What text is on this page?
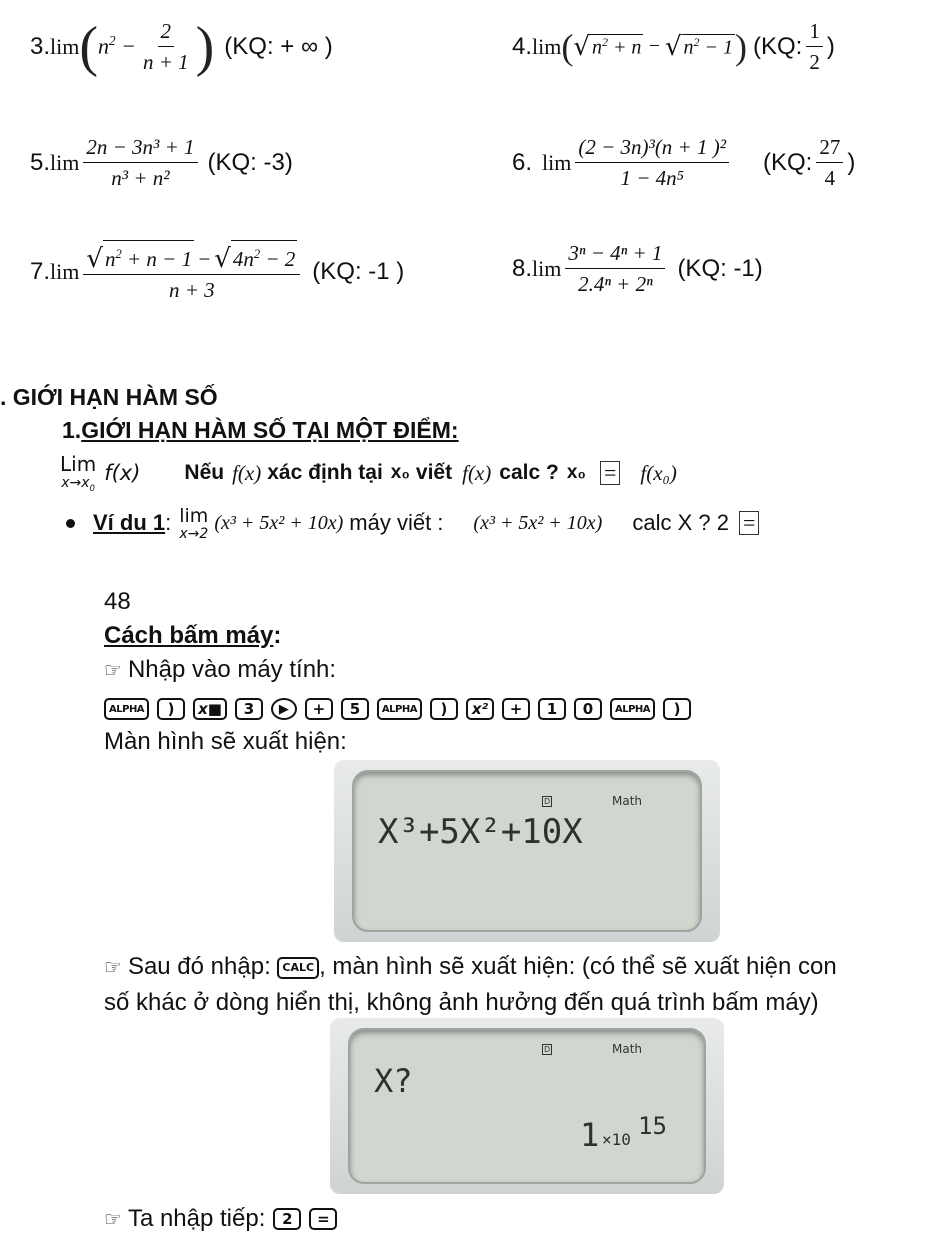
3. lim ( $n^2 - \frac{2}{n + 1}$ ) (KQ: + ∞ )	4. lim ( √ $n^2 + n$ − √ $n^2 - 1$ ) (KQ: $\frac{1}{2}$ )
5. $\lim \frac{\text{2n − 3n³ + 1}}{\text{n³ + n²}} (KQ$: -3)	6. $\lim \frac{\text{(2 − 3n)³(n + 1 )²}}{\text{1 − 4n⁵}} (KQ$: $\frac{27}{4}$ )
7. $\lim \frac{√ n^2 + n - 1 - √ 4n^2 - 2}{n + 3} (KQ$: -1 )	8. $\lim \frac{\text{3ⁿ − 4ⁿ + 1}}{\text{2.4ⁿ + 2ⁿ}} (KQ$: -1)
. GIỚI HẠN HÀM SỐ
1.GIỚI HẠN HÀM SỐ TẠI MỘT ĐIỂM:
Lim
$x\to x_0$
f(x) Nếu f(x) xác định tại x₀ viết f(x) calc ? x₀ = f(x₀)
Ví du 1 : lim
x→2
(x³ + 5x² + 10x) máy viết : (x³ + 5x² + 10x) calc X ? 2 =
48
Cách bấm máy:
☞ Nhập vào máy tính:
ALPHA	)	x■	3	▶	+	5	ALPHA	)	x²	+	1	0	ALPHA	)
Màn hình sẽ xuất hiện:
D	Math
X³+5X²+10X
☞ Sau đó nhập: CALC , màn hình sẽ xuất hiện: (có thể sẽ xuất hiện con
số khác ở dòng hiển thị, không ảnh hưởng đến quá trình bấm máy)
D	Math
X?
1 ×10 15
☞ Ta nhập tiếp:	2	=
